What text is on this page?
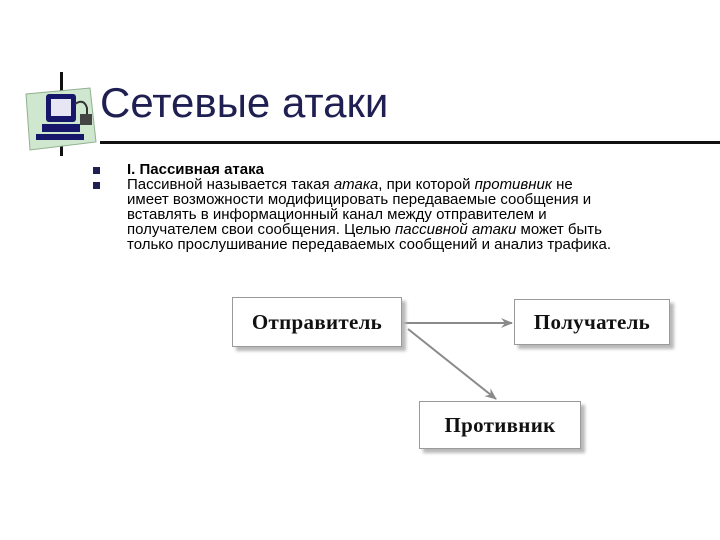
Сетевые атаки
I. Пассивная атака
Пассивной называется такая атака, при которой противник не
имеет возможности модифицировать передаваемые сообщения и
вставлять в информационный канал между отправителем и
получателем свои сообщения. Целью пассивной атаки может быть
только прослушивание передаваемых сообщений и анализ трафика.
Отправитель	Получатель
Противник
